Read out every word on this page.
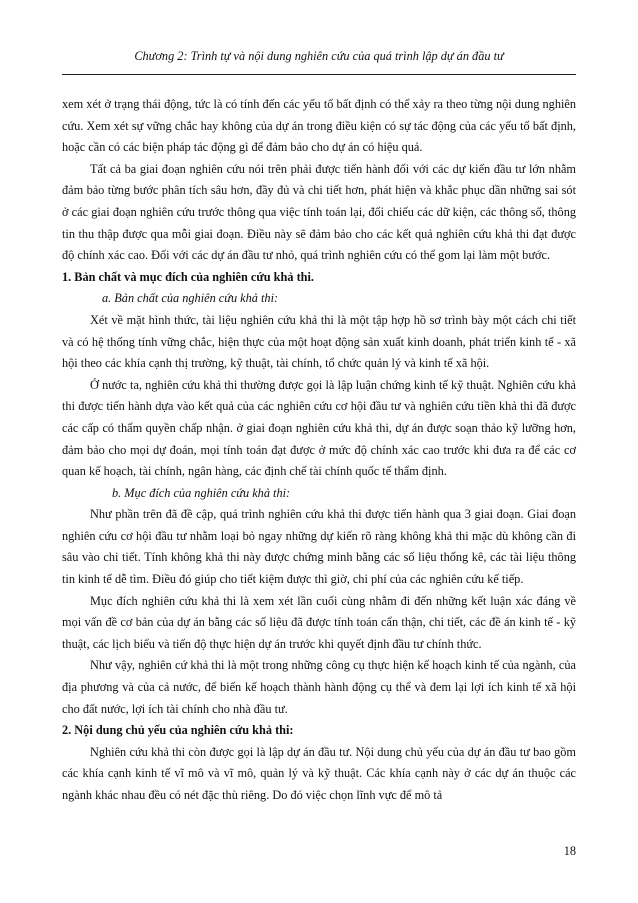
Chương 2: Trình tự và nội dung nghiên cứu của quá trình lập dự án đầu tư

xem xét ở trạng thái động, tức là có tính đến các yếu tố bất định có thể xảy ra theo từng nội dung nghiên cứu. Xem xét sự vững chắc hay không của dự án trong điều kiện có sự tác động của các yếu tố bất định, hoặc cần có các biện pháp tác động gì để đảm bảo cho dự án có hiệu quả.

Tất cả ba giai đoạn nghiên cứu nói trên phải được tiến hành đối với các dự kiến đầu tư lớn nhằm đảm bảo từng bước phân tích sâu hơn, đầy đủ và chi tiết hơn, phát hiện và khắc phục dần những sai sót ở các giai đoạn nghiên cứu trước thông qua việc tính toán lại, đối chiếu các dữ kiện, các thông số, thông tin thu thập được qua mỗi giai đoạn. Điều này sẽ đảm bảo cho các kết quả nghiên cứu khả thi đạt được độ chính xác cao. Đối với các dự án đầu tư nhỏ, quá trình nghiên cứu có thể gom lại làm một bước.

1. Bản chất và mục đích của nghiên cứu khả thi.

a. Bản chất của nghiên cứu khả thi:

Xét về mặt hình thức, tài liệu nghiên cứu khả thi là một tập hợp hồ sơ trình bày một cách chi tiết và có hệ thống tính vững chắc, hiện thực của một hoạt động sản xuất kinh doanh, phát triển kinh tế - xã hội theo các khía cạnh thị trường, kỹ thuật, tài chính, tổ chức quản lý và kinh tế xã hội.

Ở nước ta, nghiên cứu khả thi thường được gọi là lập luận chứng kinh tế kỹ thuật. Nghiên cứu khả thi được tiến hành dựa vào kết quả của các nghiên cứu cơ hội đầu tư và nghiên cứu tiền khả thi đã được các cấp có thẩm quyền chấp nhận. ở giai đoạn nghiên cứu khả thi, dự án được soạn thảo kỹ lưỡng hơn, đảm bảo cho mọi dự đoán, mọi tính toán đạt được ở mức độ chính xác cao trước khi đưa ra để các cơ quan kế hoạch, tài chính, ngân hàng, các định chế tài chính quốc tế thẩm định.

b. Mục đích của nghiên cứu khả thi:

Như phần trên đã đề cập, quá trình nghiên cứu khả thi được tiến hành qua 3 giai đoạn. Giai đoạn nghiên cứu cơ hội đầu tư nhằm loại bỏ ngay những dự kiến rõ ràng không khả thi mặc dù không cần đi sâu vào chi tiết. Tính không khả thi này được chứng minh bằng các số liệu thống kê, các tài liệu thông tin kinh tế dễ tìm. Điều đó giúp cho tiết kiệm được thì giờ, chi phí của các nghiên cứu kế tiếp.

Mục đích nghiên cứu khả thi là xem xét lần cuối cùng nhằm đi đến những kết luận xác đáng về mọi vấn đề cơ bản của dự án bằng các số liệu đã được tính toán cẩn thận, chi tiết, các đề án kinh tế - kỹ thuật, các lịch biểu và tiến độ thực hiện dự án trước khi quyết định đầu tư chính thức.

Như vậy, nghiên cứ khả thi là một trong những công cụ thực hiện kế hoạch kinh tế của ngành, của địa phương và của cả nước, để biến kế hoạch thành hành động cụ thể và đem lại lợi ích kinh tế xã hội cho đất nước, lợi ích tài chính cho nhà đầu tư.

2. Nội dung chủ yếu của nghiên cứu khả thi:

Nghiên cứu khả thi còn được gọi là lập dự án đầu tư. Nội dung chủ yếu của dự án đầu tư bao gồm các khía cạnh kinh tế vĩ mô và vĩ mô, quản lý và kỹ thuật. Các khía cạnh này ở các dự án thuộc các ngành khác nhau đều có nét đặc thù riêng. Do đó việc chọn lĩnh vực để mô tả

18
